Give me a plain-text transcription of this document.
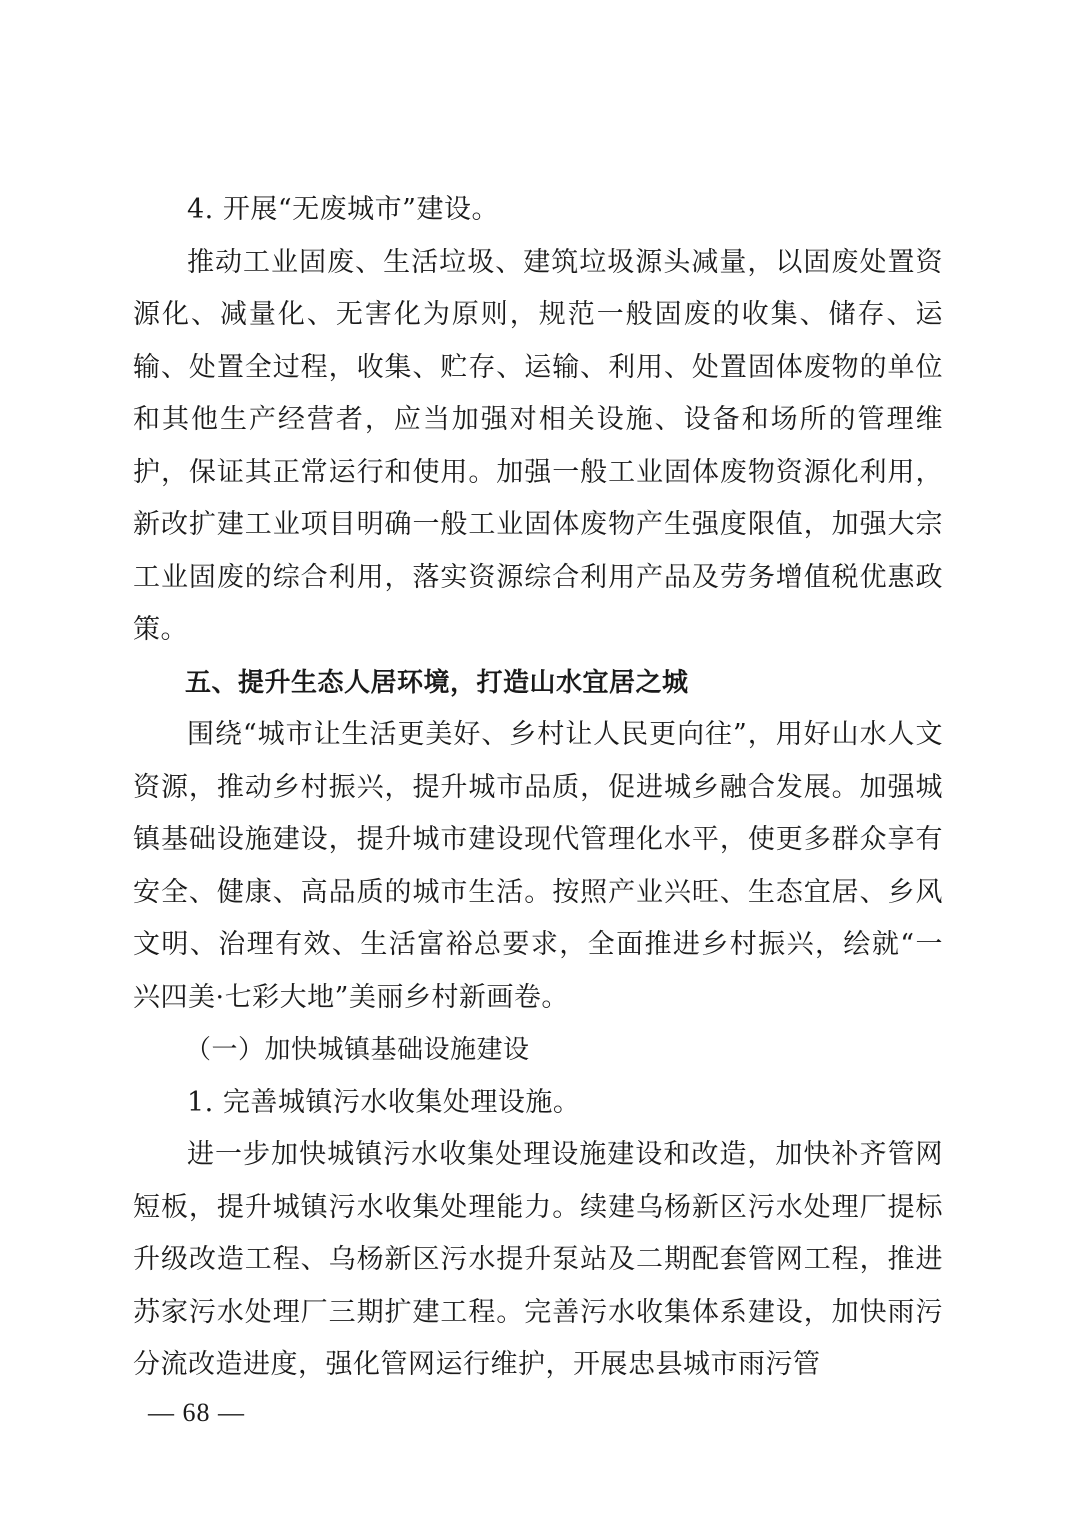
4. 开展“无废城市”建设。

推动工业固废、生活垃圾、建筑垃圾源头减量，以固废处置资源化、减量化、无害化为原则，规范一般固废的收集、储存、运输、处置全过程，收集、贮存、运输、利用、处置固体废物的单位和其他生产经营者，应当加强对相关设施、设备和场所的管理维护，保证其正常运行和使用。加强一般工业固体废物资源化利用，新改扩建工业项目明确一般工业固体废物产生强度限值，加强大宗工业固废的综合利用，落实资源综合利用产品及劳务增值税优惠政策。

五、提升生态人居环境，打造山水宜居之城

围绕“城市让生活更美好、乡村让人民更向往”，用好山水人文资源，推动乡村振兴，提升城市品质，促进城乡融合发展。加强城镇基础设施建设，提升城市建设现代管理化水平，使更多群众享有安全、健康、高品质的城市生活。按照产业兴旺、生态宜居、乡风文明、治理有效、生活富裕总要求，全面推进乡村振兴，绘就“一兴四美·七彩大地”美丽乡村新画卷。

（一）加快城镇基础设施建设

1. 完善城镇污水收集处理设施。

进一步加快城镇污水收集处理设施建设和改造，加快补齐管网短板，提升城镇污水收集处理能力。续建乌杨新区污水处理厂提标升级改造工程、乌杨新区污水提升泵站及二期配套管网工程，推进苏家污水处理厂三期扩建工程。完善污水收集体系建设，加快雨污分流改造进度，强化管网运行维护，开展忠县城市雨污管

— 68 —
